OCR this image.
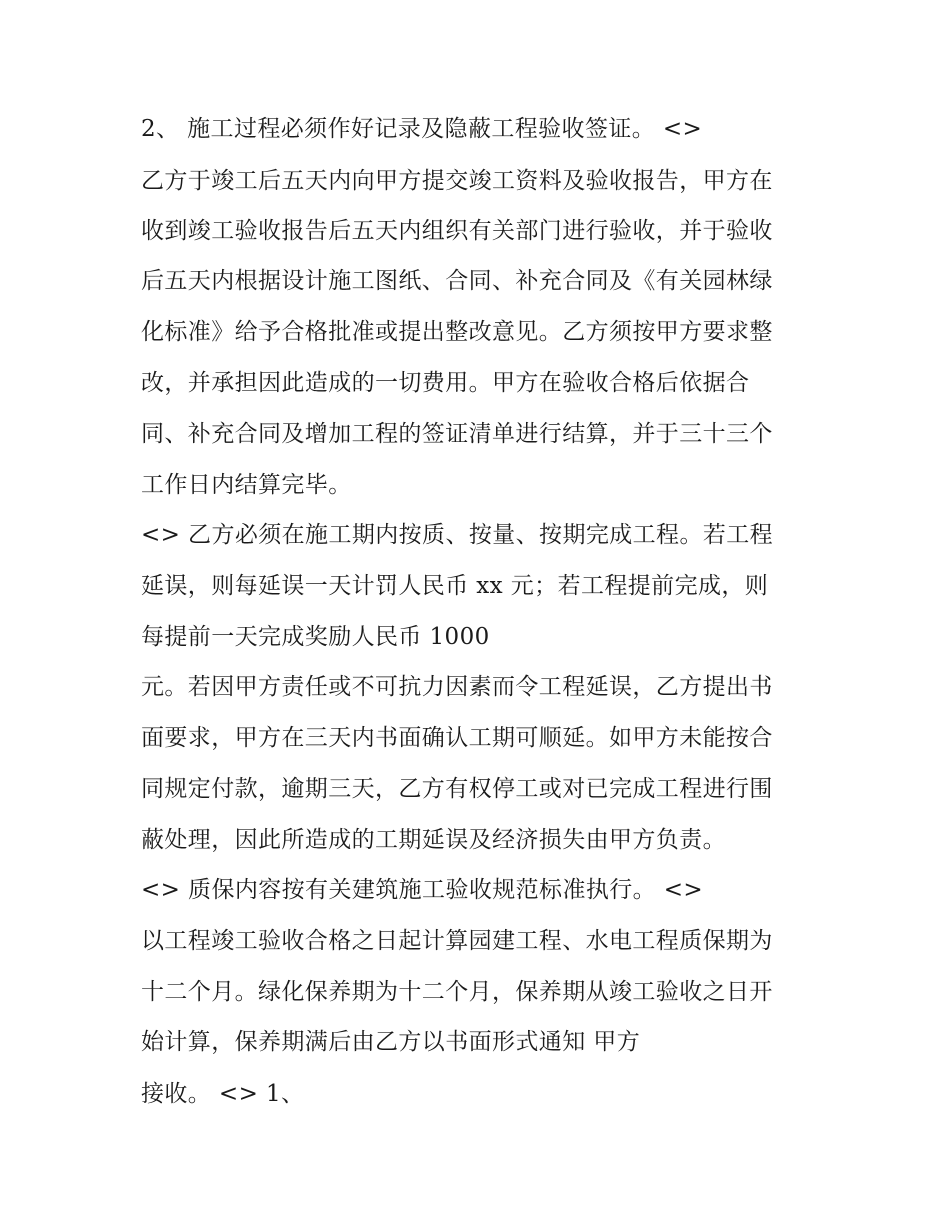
2、 施工过程必须作好记录及隐蔽工程验收签证。 <>
乙方于竣工后五天内向甲方提交竣工资料及验收报告，甲方在
收到竣工验收报告后五天内组织有关部门进行验收，并于验收
后五天内根据设计施工图纸、合同、补充合同及《有关园林绿
化标准》给予合格批准或提出整改意见。乙方须按甲方要求整
改，并承担因此造成的一切费用。甲方在验收合格后依据合
同、补充合同及增加工程的签证清单进行结算，并于三十三个
工作日内结算完毕。
<> 乙方必须在施工期内按质、按量、按期完成工程。若工程
延误，则每延误一天计罚人民币 xx 元；若工程提前完成，则
每提前一天完成奖励人民币 1000
元。若因甲方责任或不可抗力因素而令工程延误，乙方提出书
面要求，甲方在三天内书面确认工期可顺延。如甲方未能按合
同规定付款，逾期三天，乙方有权停工或对已完成工程进行围
蔽处理，因此所造成的工期延误及经济损失由甲方负责。
<> 质保内容按有关建筑施工验收规范标准执行。 <>
以工程竣工验收合格之日起计算园建工程、水电工程质保期为
十二个月。绿化保养期为十二个月，保养期从竣工验收之日开
始计算，保养期满后由乙方以书面形式通知 甲方
接收。 <> 1、
